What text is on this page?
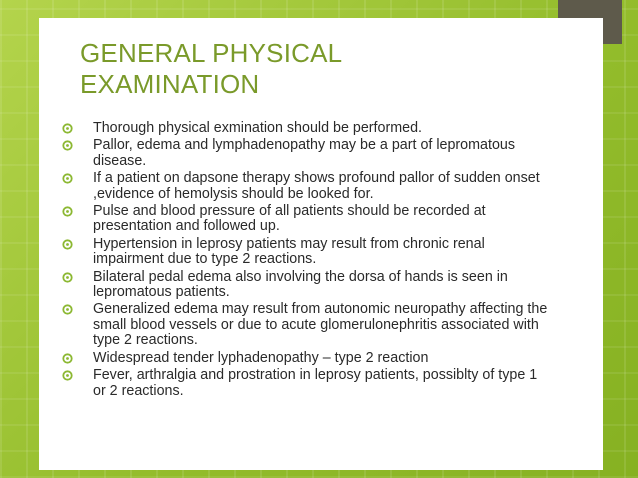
GENERAL PHYSICAL EXAMINATION
Thorough physical exmination should be performed.
Pallor, edema and lymphadenopathy may be a part of lepromatous disease.
If a patient on dapsone therapy shows profound pallor of sudden onset ,evidence of hemolysis should be looked for.
Pulse and blood pressure of all patients should be recorded at presentation and followed up.
Hypertension in leprosy patients may result from chronic renal impairment due to type 2 reactions.
Bilateral pedal edema also involving the dorsa of hands is seen in lepromatous patients.
Generalized edema may result from autonomic neuropathy affecting the small blood vessels or due to acute glomerulonephritis associated with type 2 reactions.
Widespread tender lyphadenopathy – type 2 reaction
Fever, arthralgia and prostration in leprosy patients, possiblty of type 1 or 2 reactions.
